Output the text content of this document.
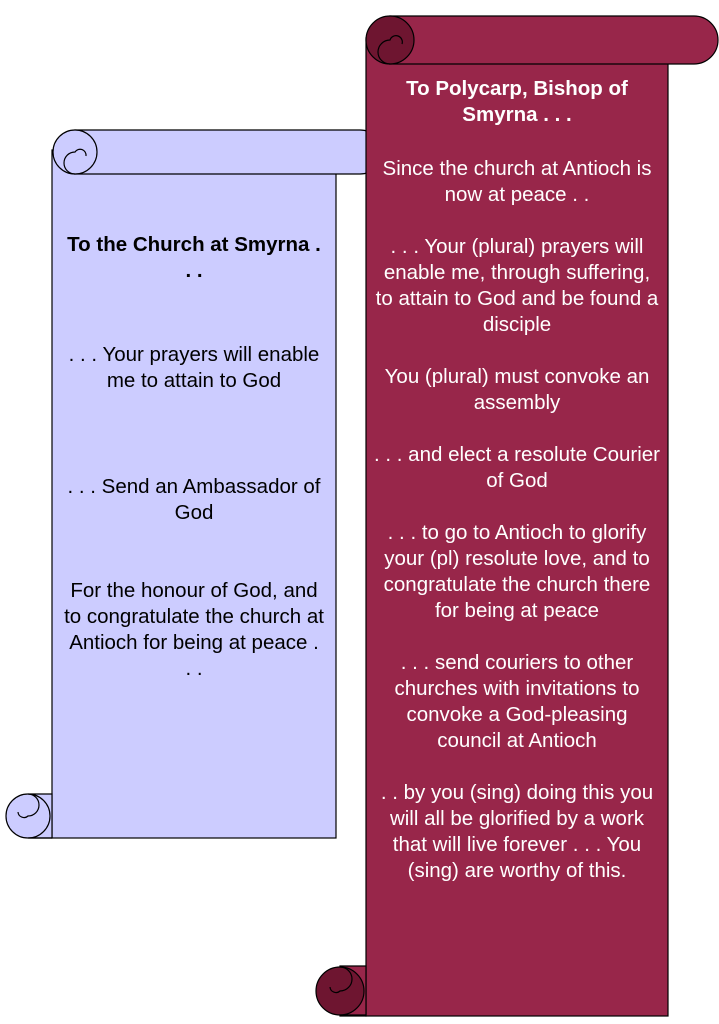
To the Church at Smyrna . . .

. . . Your prayers will enable me to attain to God

. . . Send an Ambassador of God

For the honour of God, and to congratulate the church at Antioch for being at peace . . .

To Polycarp, Bishop of Smyrna . . .

Since the church at Antioch is now at peace . .

. . . Your (plural) prayers will enable me, through suffering, to attain to God and be found a disciple

You (plural) must convoke an assembly

. . . and elect a resolute Courier of God

. . . to go to Antioch to glorify your (pl) resolute love, and to congratulate the church there for being at peace

. . . send couriers to other churches with invitations to convoke a God-pleasing council at Antioch

. . by you (sing) doing this you will all be glorified by a work that will live forever . . . You (sing) are worthy of this.
